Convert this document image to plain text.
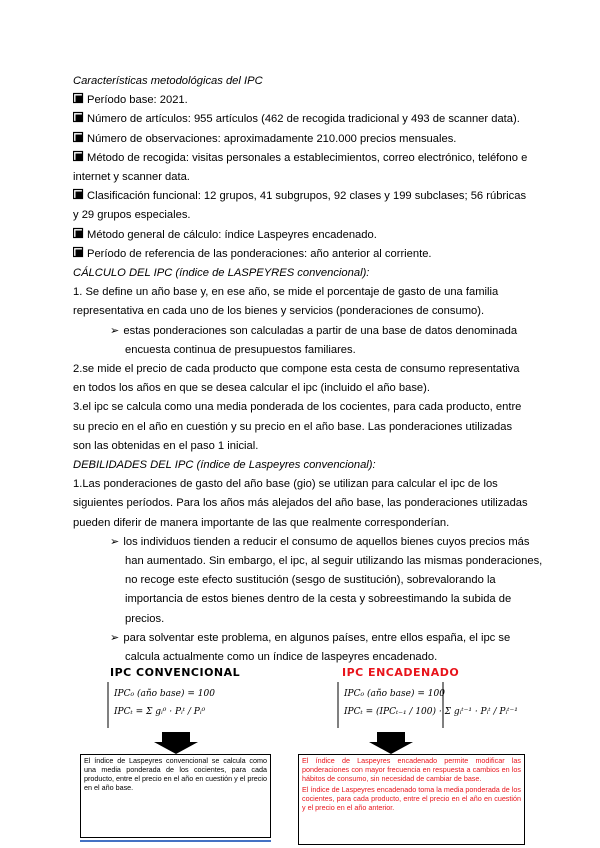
Características metodológicas del IPC
Período base: 2021.
Número de artículos: 955 artículos (462 de recogida tradicional y 493 de scanner data).
Número de observaciones: aproximadamente 210.000 precios mensuales.
Método de recogida: visitas personales a establecimientos, correo electrónico, teléfono e
internet y scanner data.
Clasificación funcional: 12 grupos, 41 subgrupos, 92 clases y 199 subclases; 56 rúbricas
y 29 grupos especiales.
Método general de cálculo: índice Laspeyres encadenado.
Período de referencia de las ponderaciones: año anterior al corriente.
CÁLCULO DEL IPC (índice de LASPEYRES convencional):
1. Se define un año base y, en ese año, se mide el porcentaje de gasto de una familia
representativa en cada uno de los bienes y servicios (ponderaciones de consumo).
➢ estas ponderaciones son calculadas a partir de una base de datos denominada
encuesta continua de presupuestos familiares.
2.se mide el precio de cada producto que compone esta cesta de consumo representativa
en todos los años en que se desea calcular el ipc (incluido el año base).
3.el ipc se calcula como una media ponderada de los cocientes, para cada producto, entre
su precio en el año en cuestión y su precio en el año base. Las ponderaciones utilizadas
son las obtenidas en el paso 1 inicial.
DEBILIDADES DEL IPC (índice de Laspeyres convencional):
1.Las ponderaciones de gasto del año base (gio) se utilizan para calcular el ipc de los
siguientes períodos. Para los años más alejados del año base, las ponderaciones utilizadas
pueden diferir de manera importante de las que realmente corresponderían.
➢ los individuos tienden a reducir el consumo de aquellos bienes cuyos precios más
han aumentado. Sin embargo, el ipc, al seguir utilizando las mismas ponderaciones,
no recoge este efecto sustitución (sesgo de sustitución), sobrevalorando la
importancia de estos bienes dentro de la cesta y sobreestimando la subida de
precios.
➢ para solventar este problema, en algunos países, entre ellos españa, el ipc se
calcula actualmente como un índice de laspeyres encadenado.
IPC CONVENCIONAL	IPC ENCADENADO
IPC₀ (año base) = 100
IPCₜ = Σ gᵢ⁰ · Pᵢᵗ / Pᵢ⁰
IPC₀ (año base) = 100
IPCₜ = (IPCₜ₋₁ / 100) · Σ gᵢᵗ⁻¹ · Pᵢᵗ / Pᵢᵗ⁻¹

El índice de Laspeyres convencional se calcula como una media ponderada de los cocientes, para cada producto, entre el precio en el año en cuestión y el precio en el año base.

El índice de Laspeyres encadenado permite modificar las ponderaciones con mayor frecuencia en respuesta a cambios en los hábitos de consumo, sin necesidad de cambiar de base.

El índice de Laspeyres encadenado toma la media ponderada de los cocientes, para cada producto, entre el precio en el año en cuestión y el precio en el año anterior.
